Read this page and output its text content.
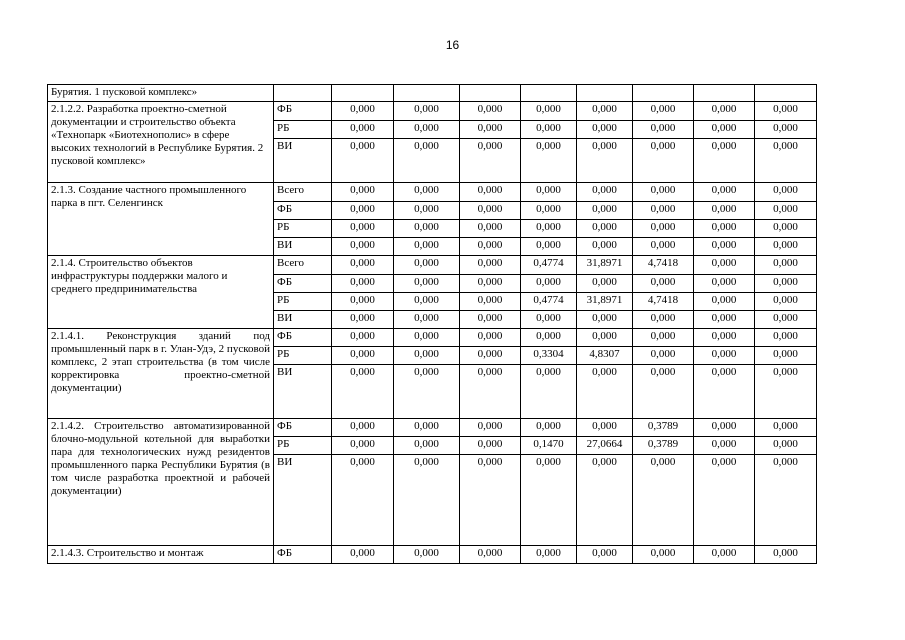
16
Бурятия. 1 пусковой комплекс»									
2.1.2.2. Разработка проектно-сметной документации и строительство объекта «Технопарк «Биотехнополис» в сфере высоких технологий в Республике Бурятия. 2 пусковой комплекс»	ФБ	0,000	0,000	0,000	0,000	0,000	0,000	0,000	0,000
	РБ	0,000	0,000	0,000	0,000	0,000	0,000	0,000	0,000
	ВИ	0,000	0,000	0,000	0,000	0,000	0,000	0,000	0,000
2.1.3. Создание частного промышленного парка в пгт. Селенгинск	Всего	0,000	0,000	0,000	0,000	0,000	0,000	0,000	0,000
	ФБ	0,000	0,000	0,000	0,000	0,000	0,000	0,000	0,000
	РБ	0,000	0,000	0,000	0,000	0,000	0,000	0,000	0,000
	ВИ	0,000	0,000	0,000	0,000	0,000	0,000	0,000	0,000
2.1.4. Строительство объектов инфраструктуры поддержки малого и среднего предпринимательства	Всего	0,000	0,000	0,000	0,4774	31,8971	4,7418	0,000	0,000
	ФБ	0,000	0,000	0,000	0,000	0,000	0,000	0,000	0,000
	РБ	0,000	0,000	0,000	0,4774	31,8971	4,7418	0,000	0,000
	ВИ	0,000	0,000	0,000	0,000	0,000	0,000	0,000	0,000
2.1.4.1. Реконструкция зданий под промышленный парк в г. Улан-Удэ, 2 пусковой комплекс, 2 этап строительства (в том числе корректировка проектно-сметной документации)	ФБ	0,000	0,000	0,000	0,000	0,000	0,000	0,000	0,000
	РБ	0,000	0,000	0,000	0,3304	4,8307	0,000	0,000	0,000
	ВИ	0,000	0,000	0,000	0,000	0,000	0,000	0,000	0,000
2.1.4.2. Строительство автоматизированной блочно-модульной котельной для выработки пара для технологических нужд резидентов промышленного парка Республики Бурятия (в том числе разработка проектной и рабочей документации)	ФБ	0,000	0,000	0,000	0,000	0,000	0,3789	0,000	0,000
	РБ	0,000	0,000	0,000	0,1470	27,0664	0,3789	0,000	0,000
	ВИ	0,000	0,000	0,000	0,000	0,000	0,000	0,000	0,000
2.1.4.3. Строительство и монтаж	ФБ	0,000	0,000	0,000	0,000	0,000	0,000	0,000	0,000
